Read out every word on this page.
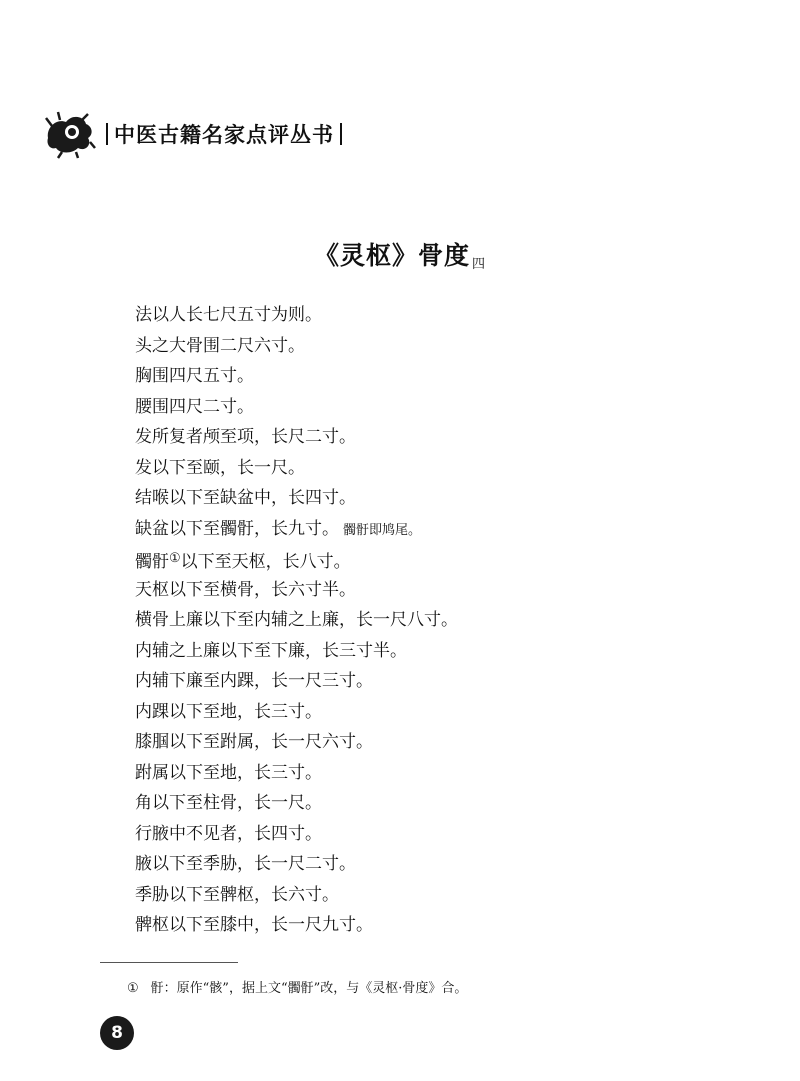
中医古籍名家点评丛书
《灵枢》骨度 $_四$
法以人长七尺五寸为则。
头之大骨围二尺六寸。
胸围四尺五寸。
腰围四尺二寸。
发所复者颅至项，长尺二寸。
发以下至颐，长一尺。
结喉以下至缺盆中，长四寸。
缺盆以下至髑骬，长九寸。 髑骬即鸠尾。
髑骬①以下至天枢，长八寸。
天枢以下至横骨，长六寸半。
横骨上廉以下至内辅之上廉，长一尺八寸。
内辅之上廉以下至下廉，长三寸半。
内辅下廉至内踝，长一尺三寸。
内踝以下至地，长三寸。
膝腘以下至跗属，长一尺六寸。
跗属以下至地，长三寸。
角以下至柱骨，长一尺。
行腋中不见者，长四寸。
腋以下至季胁，长一尺二寸。
季胁以下至髀枢，长六寸。
髀枢以下至膝中，长一尺九寸。
① 骬：原作“骸”，据上文“髑骬”改，与《灵枢·骨度》合。
8
